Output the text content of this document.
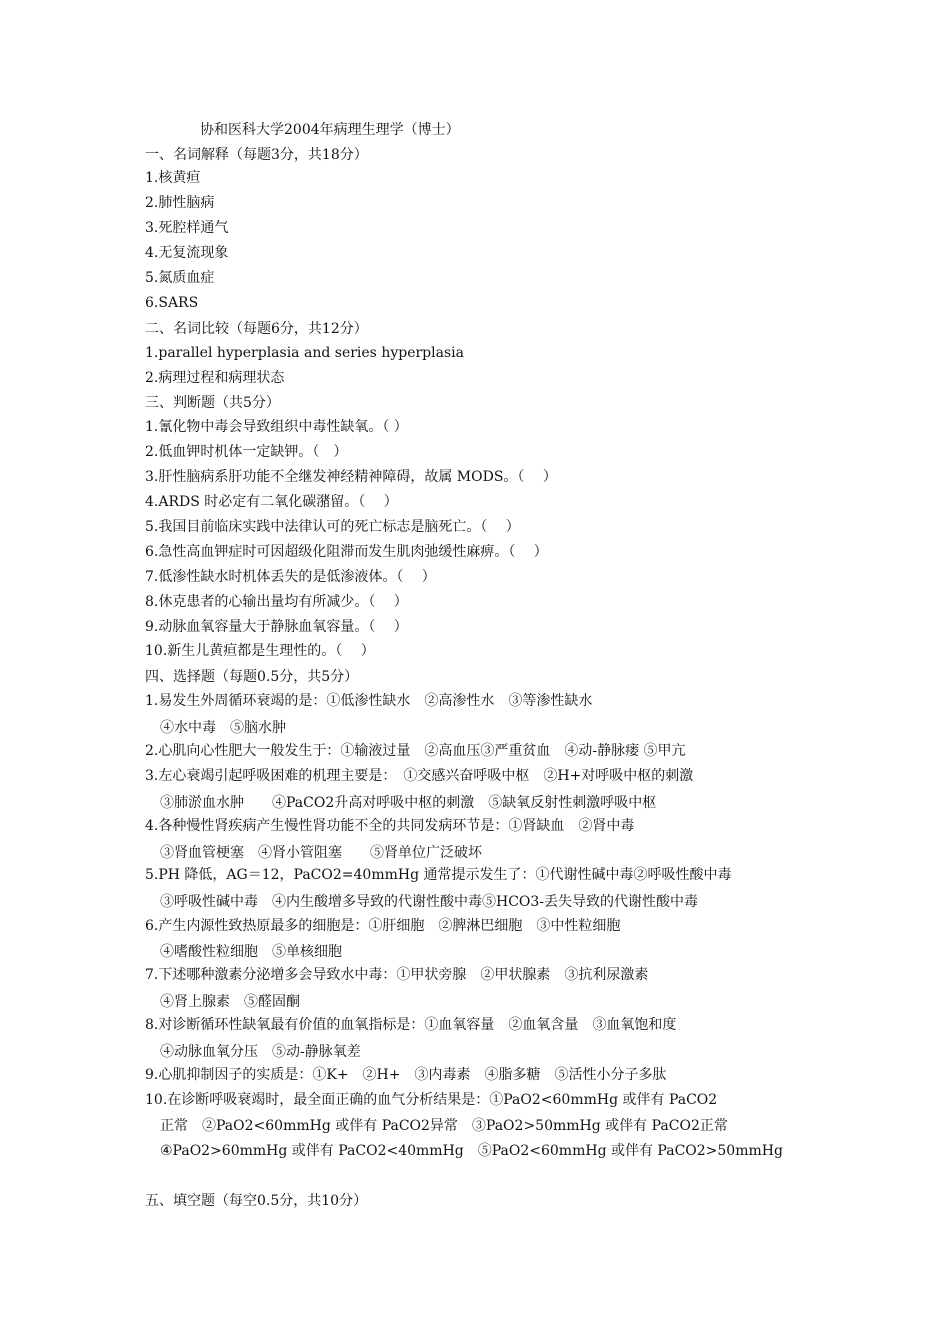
协和医科大学2004年病理生理学（博士）
一、名词解释（每题3分，共18分）
1.核黄疸
2.肺性脑病
3.死腔样通气
4.无复流现象
5.氮质血症
6.SARS
二、名词比较（每题6分，共12分）
1.parallel hyperplasia and series hyperplasia
2.病理过程和病理状态
三、判断题（共5分）
1.氰化物中毒会导致组织中毒性缺氧。（ ）
2.低血钾时机体一定缺钾。（　）
3.肝性脑病系肝功能不全继发神经精神障碍，故属 MODS。（　 ）
4.ARDS 时必定有二氧化碳潴留。（　 ）
5.我国目前临床实践中法律认可的死亡标志是脑死亡。（　 ）
6.急性高血钾症时可因超级化阻滞而发生肌肉弛缓性麻痹。（　 ）
7.低渗性缺水时机体丢失的是低渗液体。（　 ）
8.休克患者的心输出量均有所减少。（　 ）
9.动脉血氧容量大于静脉血氧容量。（　 ）
10.新生儿黄疸都是生理性的。（　 ）
四、选择题（每题0.5分，共5分）
1.易发生外周循环衰竭的是：①低渗性缺水　②高渗性水　③等渗性缺水
④水中毒　⑤脑水肿
2.心肌向心性肥大一般发生于：①输液过量　②高血压③严重贫血　④动-静脉瘘 ⑤甲亢
3.左心衰竭引起呼吸困难的机理主要是：　①交感兴奋呼吸中枢　②H+对呼吸中枢的刺激
③肺淤血水肿　　④PaCO2升高对呼吸中枢的刺激　⑤缺氧反射性刺激呼吸中枢
4.各种慢性肾疾病产生慢性肾功能不全的共同发病环节是：①肾缺血　②肾中毒
③肾血管梗塞　④肾小管阻塞　　⑤肾单位广泛破坏
5.PH 降低，AG＝12，PaCO2=40mmHg 通常提示发生了：①代谢性碱中毒②呼吸性酸中毒
③呼吸性碱中毒　④内生酸增多导致的代谢性酸中毒⑤HCO3-丢失导致的代谢性酸中毒
6.产生内源性致热原最多的细胞是：①肝细胞　②脾淋巴细胞　③中性粒细胞
④嗜酸性粒细胞　⑤单核细胞
7.下述哪种激素分泌增多会导致水中毒：①甲状旁腺　②甲状腺素　③抗利尿激素
④肾上腺素　⑤醛固酮
8.对诊断循环性缺氧最有价值的血氧指标是：①血氧容量　②血氧含量　③血氧饱和度
④动脉血氧分压　⑤动-静脉氧差
9.心肌抑制因子的实质是：①K+　②H+　③内毒素　④脂多糖　⑤活性小分子多肽
10.在诊断呼吸衰竭时，最全面正确的血气分析结果是：①PaO2<60mmHg 或伴有 PaCO2
正常　②PaO2<60mmHg 或伴有 PaCO2异常　③PaO2>50mmHg 或伴有 PaCO2正常
④PaO2>60mmHg 或伴有 PaCO2<40mmHg　⑤PaO2<60mmHg 或伴有 PaCO2>50mmHg
五、填空题（每空0.5分，共10分）
